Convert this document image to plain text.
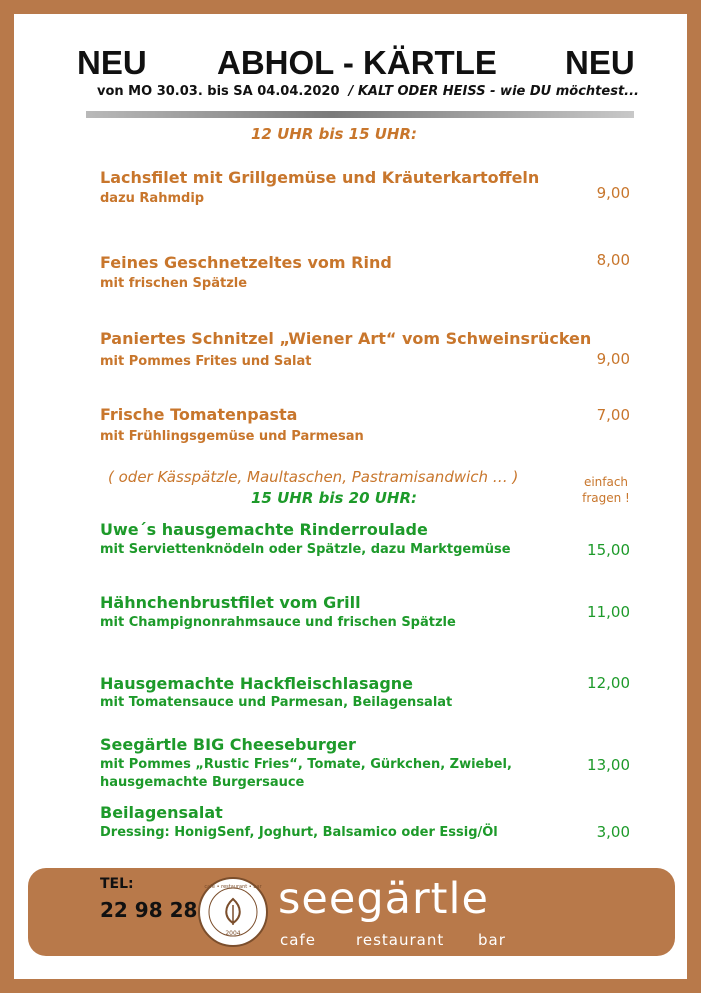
NEU ABHOL - KÄRTLE NEU
von MO 30.03. bis SA 04.04.2020 / KALT ODER HEISS - wie DU möchtest...
12 UHR bis 15 UHR:
Lachsfilet mit Grillgemüse und Kräuterkartoffeln
dazu Rahmdip	9,00
Feines Geschnetzeltes vom Rind
mit frischen Spätzle
8,00
Paniertes Schnitzel „Wiener Art“ vom Schweinsrücken
mit Pommes Frites und Salat	9,00
Frische Tomatenpasta
mit Frühlingsgemüse und Parmesan
7,00
( oder Kässpätzle, Maultaschen, Pastramisandwich … )	einfach
fragen !
15 UHR bis 20 UHR:
Uwe´s hausgemachte Rinderroulade
mit Serviettenknödeln oder Spätzle, dazu Marktgemüse	15,00
Hähnchenbrustfilet vom Grill
mit Champignonrahmsauce und frischen Spätzle
11,00
Hausgemachte Hackfleischlasagne
mit Tomatensauce und Parmesan, Beilagensalat
12,00
Seegärtle BIG Cheeseburger
mit Pommes „Rustic Fries“, Tomate, Gürkchen, Zwiebel,
hausgemachte Burgersauce
13,00
Beilagensalat
Dressing: HonigSenf, Joghurt, Balsamico oder Essig/Öl	3,00
TEL:
22 98 28
cafe • restaurant • bar
2004
seegärtle
cafe	restaurant bar
